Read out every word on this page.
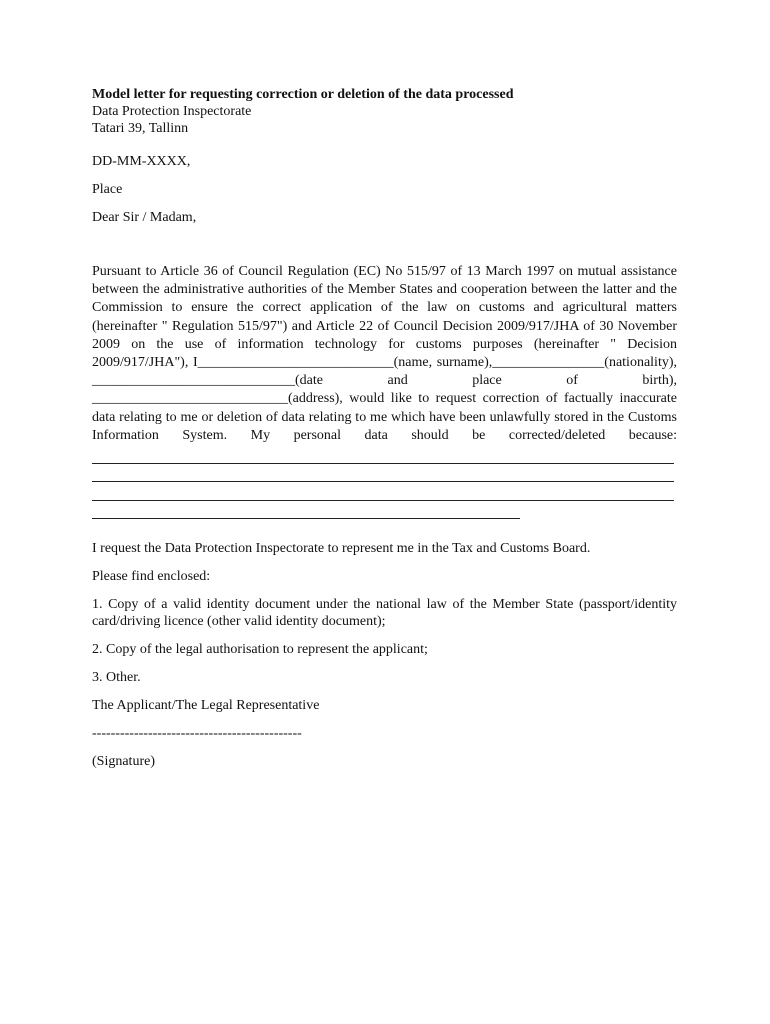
Model letter for requesting correction or deletion of the data processed

Data Protection Inspectorate

Tatari 39, Tallinn

DD-MM-XXXX,

Place

Dear Sir / Madam,

Pursuant to Article 36 of Council Regulation (EC) No 515/97 of 13 March 1997 on mutual assistance between the administrative authorities of the Member States and cooperation between the latter and the Commission to ensure the correct application of the law on customs and agricultural matters (hereinafter " Regulation 515/97") and Article 22 of Council Decision 2009/917/JHA of 30 November 2009 on the use of information technology for customs purposes (hereinafter " Decision 2009/917/JHA"), I____________________________(name, surname),________________(nationality), _____________________________(date and place of birth), ____________________________(address), would like to request correction of factually inaccurate data relating to me or deletion of data relating to me which have been unlawfully stored in the Customs Information System. My personal data should be corrected/deleted because:

I request the Data Protection Inspectorate to represent me in the Tax and Customs Board.

Please find enclosed:

1. Copy of a valid identity document under the national law of the Member State (passport/identity card/driving licence (other valid identity document);

2. Copy of the legal authorisation to represent the applicant;

3. Other.

The Applicant/The Legal Representative

---------------------------------------------

(Signature)
